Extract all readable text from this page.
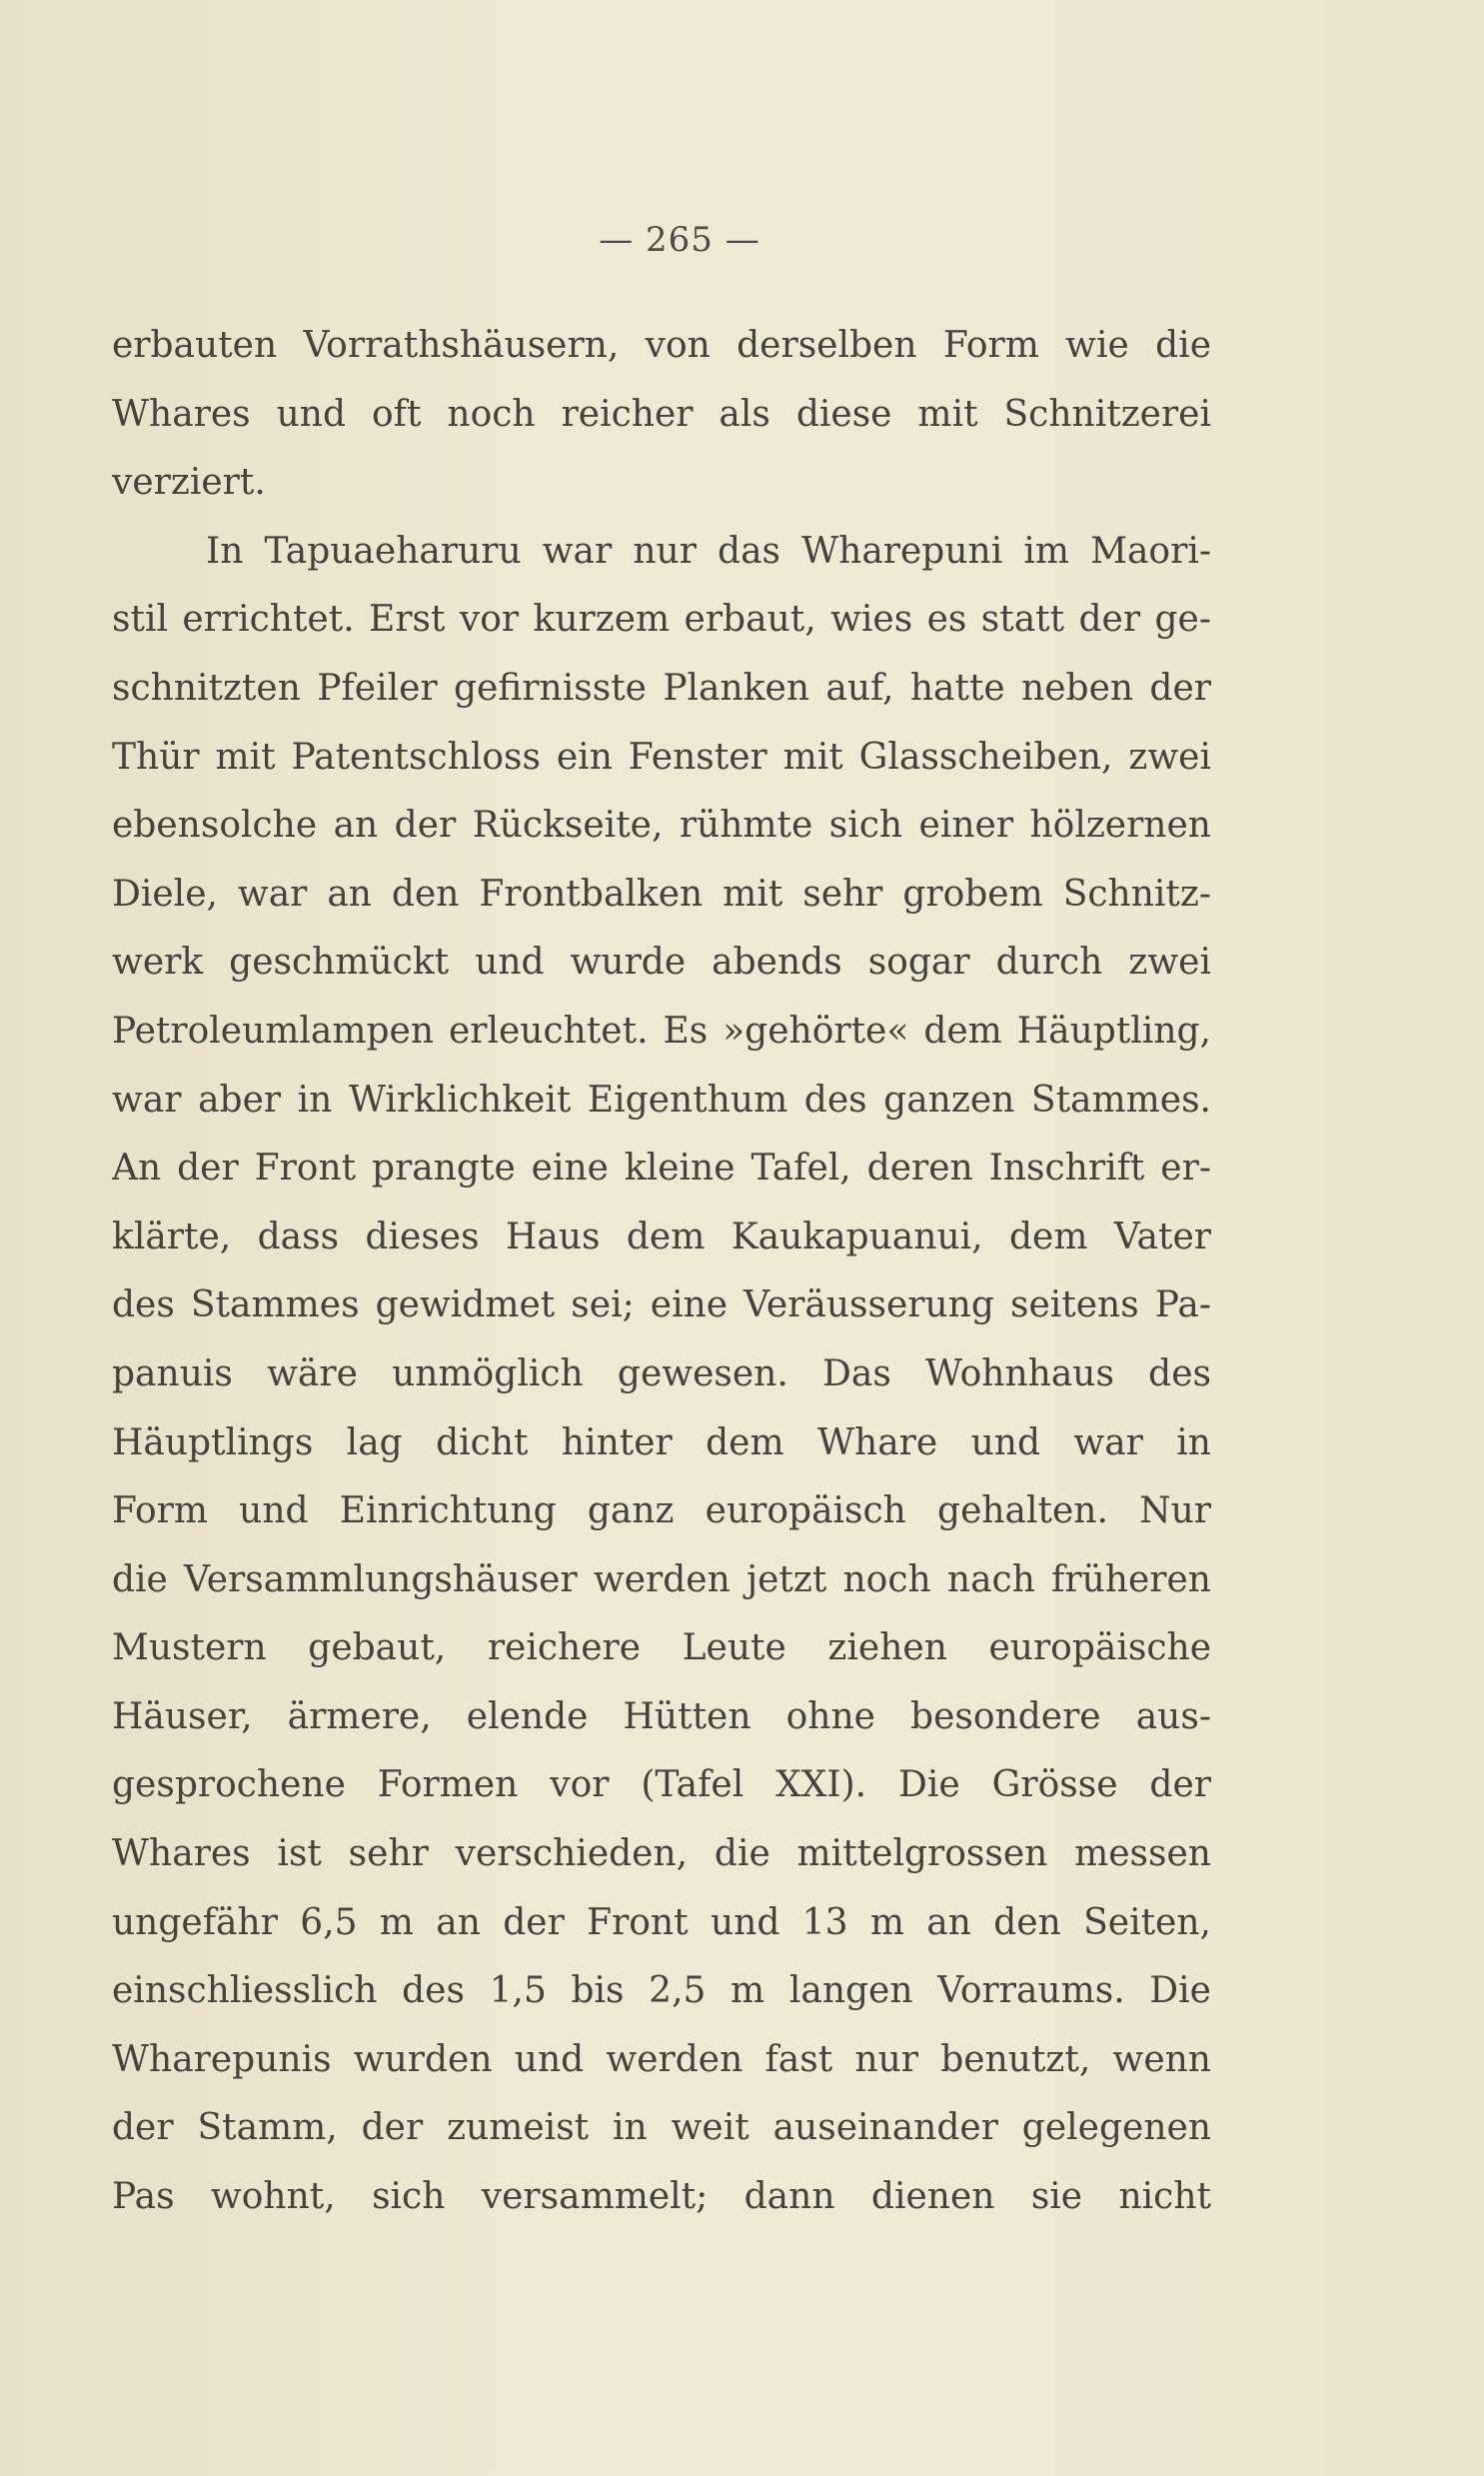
— 265 —
erbauten Vorrathshäusern, von derselben Form wie die
Whares und oft noch reicher als diese mit Schnitzerei
verziert.
In Tapuaeharuru war nur das Wharepuni im Maori-
stil errichtet. Erst vor kurzem erbaut, wies es statt der ge-
schnitzten Pfeiler gefirnisste Planken auf, hatte neben der
Thür mit Patentschloss ein Fenster mit Glasscheiben, zwei
ebensolche an der Rückseite, rühmte sich einer hölzernen
Diele, war an den Frontbalken mit sehr grobem Schnitz-
werk geschmückt und wurde abends sogar durch zwei
Petroleumlampen erleuchtet. Es »gehörte« dem Häuptling,
war aber in Wirklichkeit Eigenthum des ganzen Stammes.
An der Front prangte eine kleine Tafel, deren Inschrift er-
klärte, dass dieses Haus dem Kaukapuanui, dem Vater
des Stammes gewidmet sei; eine Veräusserung seitens Pa-
panuis wäre unmöglich gewesen. Das Wohnhaus des
Häuptlings lag dicht hinter dem Whare und war in
Form und Einrichtung ganz europäisch gehalten. Nur
die Versammlungshäuser werden jetzt noch nach früheren
Mustern gebaut, reichere Leute ziehen europäische
Häuser, ärmere, elende Hütten ohne besondere aus-
gesprochene Formen vor (Tafel XXI). Die Grösse der
Whares ist sehr verschieden, die mittelgrossen messen
ungefähr 6,5 m an der Front und 13 m an den Seiten,
einschliesslich des 1,5 bis 2,5 m langen Vorraums. Die
Wharepunis wurden und werden fast nur benutzt, wenn
der Stamm, der zumeist in weit auseinander gelegenen
Pas wohnt, sich versammelt; dann dienen sie nicht
